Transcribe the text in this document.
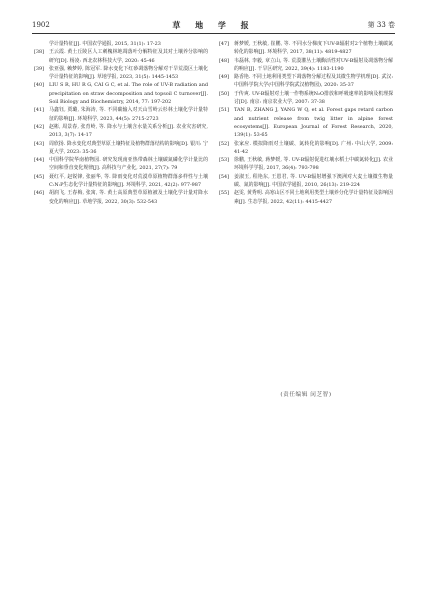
1902	草 地 学 报	第 33 卷

学计量特征[J]. 中国农学通报, 2015, 31(1): 17-23

[38] 王云霞. 黄土丘陵区人工刺槐林地凋落叶分解特征及其对土壤养分影响的研究[D]. 杨凌: 西北农林科技大学, 2020: 45-46

[39] 张亚强, 赖梦婷, 陈冠军. 降水变化下红砂凋落物分解对干旱荒漠区土壤化学计量特征的影响[J]. 草地学报, 2023, 31(5): 1445-1453

[40] LIU S R, HU R G, CAI G C, et al. The role of UV-B radiation and precipitation on straw decomposition and topsoil C turnover[J]. Soil Biology and Biochemistry, 2014, 77: 197-202

[41] 马鑫钰, 贾璐, 朱海涛, 等. 不同碳输入对天山雪岭云杉林土壤化学计量特征的影响[J]. 环境科学, 2023, 44(5): 2715-2723

[42] 赵彬, 周景春, 张育岭, 等. 降水与土壤含水量关系分析[J]. 农业灾害研究, 2013, 3(7): 14-17

[43] 周欣扬. 降水变化对典型草原土壤特征及植物群落结构的影响[D]. 银川: 宁夏大学, 2023: 35-36

[44] 中国科学院华南植物园. 研究发现南亚热带森林土壤碳氮磷化学计量比的空间和垂直变化规律[J]. 高科技与产业化, 2021, 27(7): 79

[45] 聂红平, 赵锐锋, 张丽华, 等. 降雨变化对荒漠草原植物群落多样性与土壤C:N:P生态化学计量特征的影响[J]. 环境科学, 2021, 42(2): 977-987

[46] 胡润飞, 王春梅, 张寓, 等. 黄土高原典型草原植被及土壤化学计量对降水变化的响应[J]. 草地学报, 2022, 30(3): 532-543

[47] 蒋梦媛, 王秋敏, 崔鹏, 等. 不同水分梯度下UV-B辐射对2个植物土壤碳氮转化的影响[J]. 环境科学, 2017, 38(11): 4819-4827

[48] 韦磊林, 李毅, 章立山, 等. 荒漠灌丛土壤酶活性对UV-B辐射及凋落物分解的响应[J]. 干旱区研究, 2022, 39(4): 1183-1190

[49] 路香艳. 不同土地利用类型下凋落物分解过程及其微生物学机理[D]. 武汉: 中国科学院大学(中国科学院武汉植物园), 2020: 35-37

[50] 于传爽. UV-B辐射对土壤一作物系统N₂O排放和呼吸速率的影响及机理探讨[D]. 南京: 南京农业大学, 2007: 37-38

[51] TAN B, ZHANG J, YANG W Q, et al. Forest gaps retard carbon and nutrient release from twig litter in alpine forest ecosystems[J]. European Journal of Forest Research, 2020, 139(1): 53-65

[52] 张家应. 模拟降雨对土壤碳、氮转化的影响[D]. 广州: 中山大学, 2009: 41-42

[53] 徐鹏, 王秋敏, 蒋梦媛, 等. UV-B辐射促进红壤水稻土中碳氮转化[J]. 农业环境科学学报, 2017, 36(4): 793-798

[54] 姜淑玉, 程艳东, 王恩君, 等. UV-B辐射增强下澳洲对大麦土壤微生物量碳、氮的影响[J]. 中国农学通报, 2010, 26(13): 219-224

[55] 赵雯, 黄秀明. 高寒山区不同土地利用类型土壤养分化学计量特征及影响因素[J]. 生态学报, 2022, 42(11): 4415-4427

(责任编辑 闵芝智)
